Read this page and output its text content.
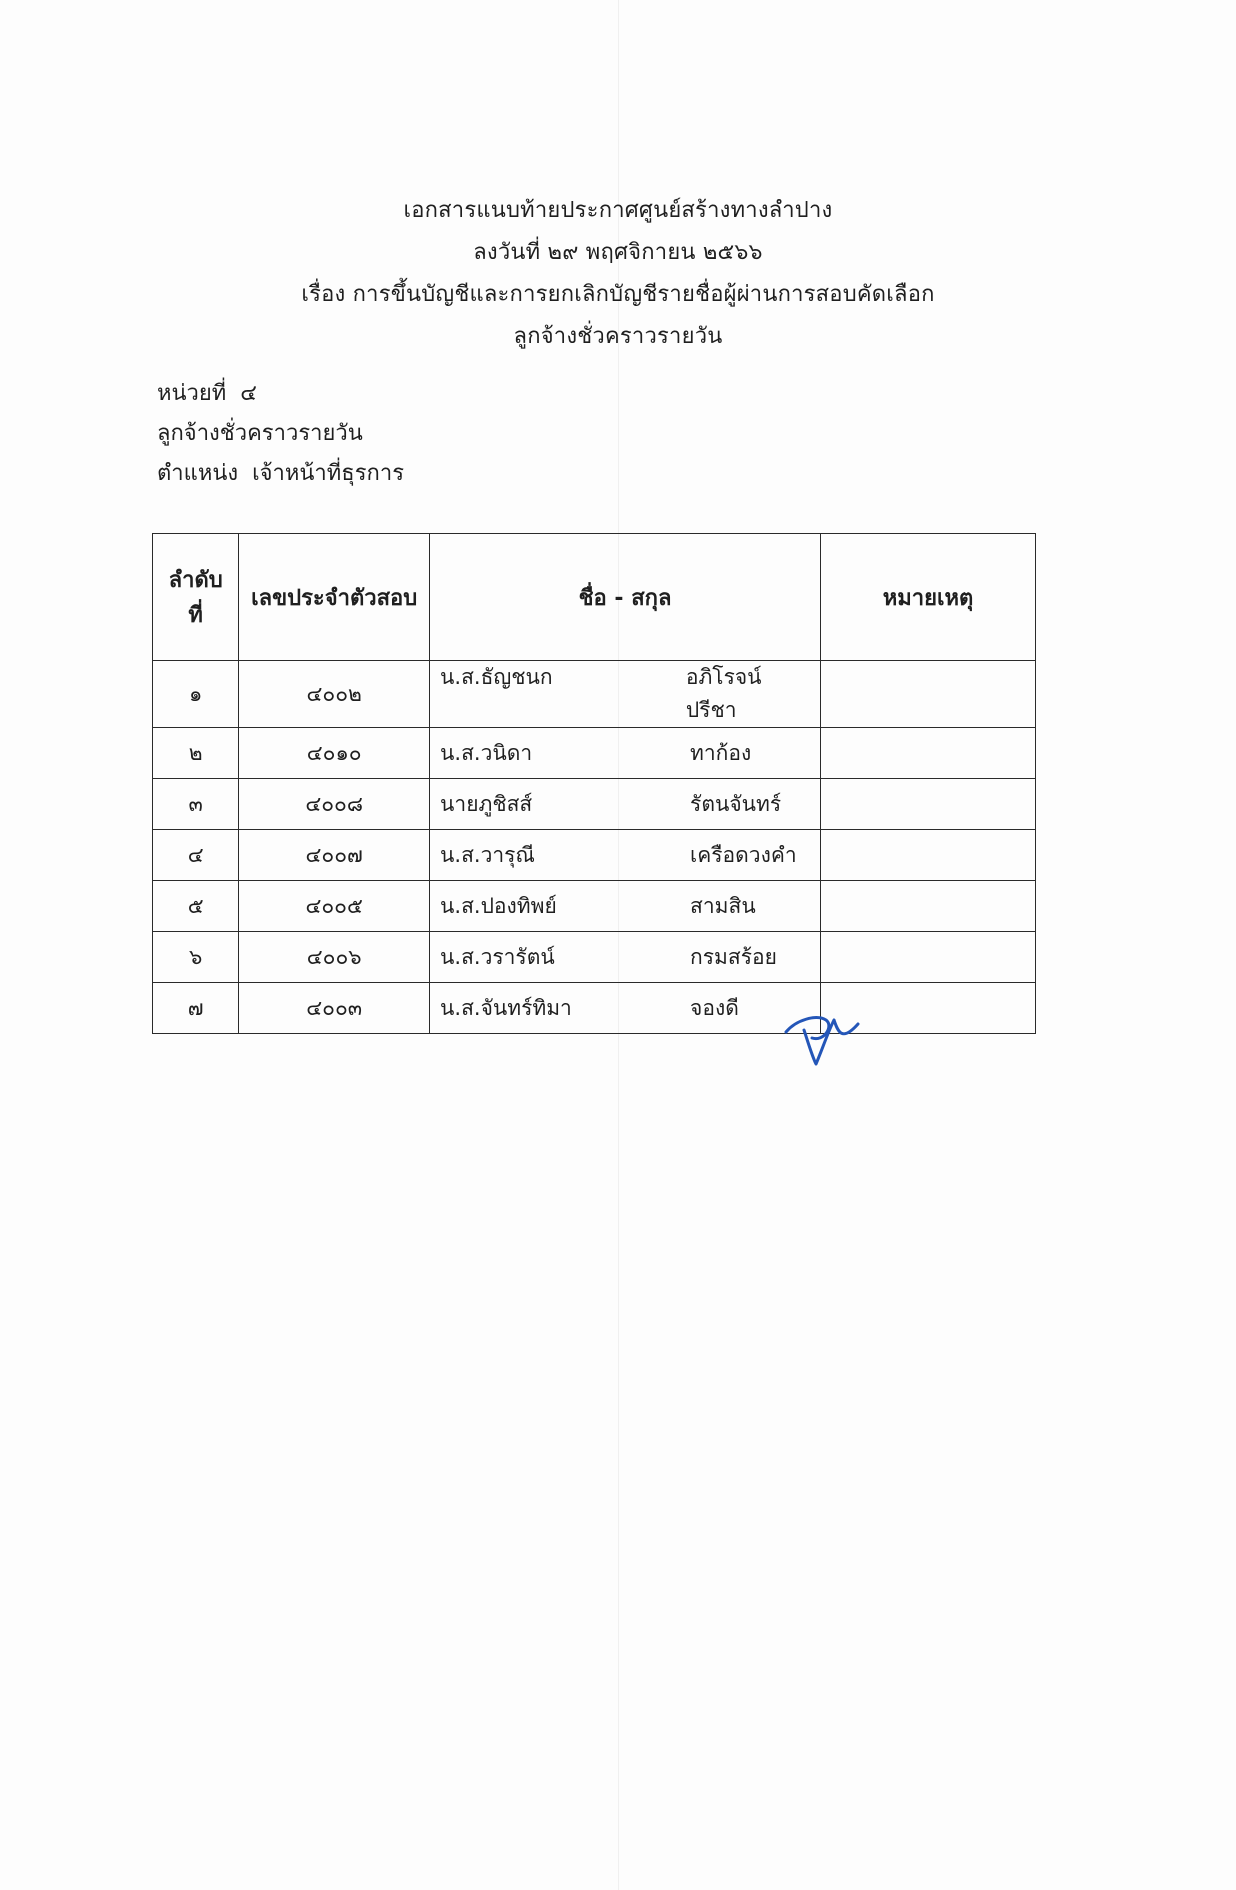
เอกสารแนบท้ายประกาศศูนย์สร้างทางลำปาง
ลงวันที่ ๒๙ พฤศจิกายน ๒๕๖๖
เรื่อง การขึ้นบัญชีและการยกเลิกบัญชีรายชื่อผู้ผ่านการสอบคัดเลือก
ลูกจ้างชั่วคราวรายวัน
หน่วยที่ ๔
ลูกจ้างชั่วคราวรายวัน
ตำแหน่ง เจ้าหน้าที่ธุรการ
ลำดับที่	เลขประจำตัวสอบ	ชื่อ - สกุล	หมายเหตุ
๑	๔๐๐๒	น.ส.ธัญชนก อภิโรจน์ปรีชา	

๒	๔๐๑๐	น.ส.วนิดา ทาก้อง	

๓	๔๐๐๘	นายภูชิสส์ รัตนจันทร์	

๔	๔๐๐๗	น.ส.วารุณี เครือดวงคำ	

๕	๔๐๐๕	น.ส.ปองทิพย์ สามสิน	

๖	๔๐๐๖	น.ส.วรารัตน์ กรมสร้อย	

๗	๔๐๐๓	น.ส.จันทร์ทิมา จองดี	
